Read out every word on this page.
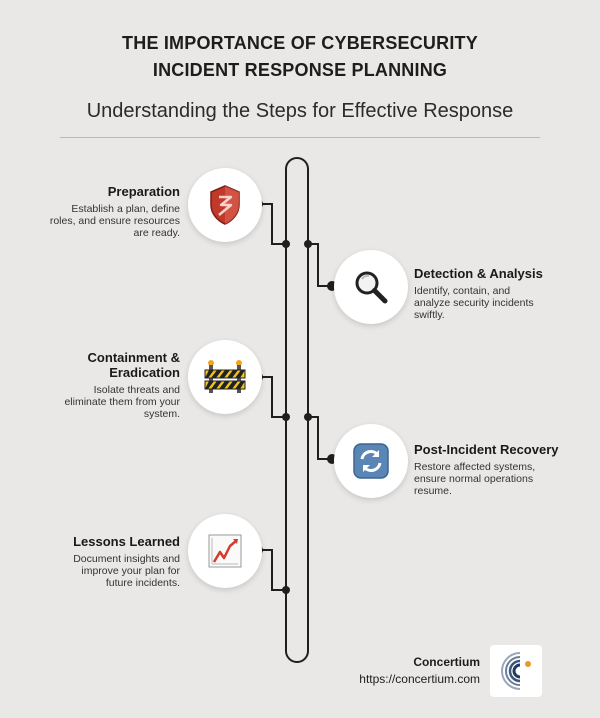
THE IMPORTANCE OF CYBERSECURITY
INCIDENT RESPONSE PLANNING
Understanding the Steps for Effective Response
Preparation
Establish a plan, define
roles, and ensure resources
are ready.
Detection & Analysis
Identify, contain, and
analyze security incidents
swiftly.
Containment &
Eradication
Isolate threats and
eliminate them from your
system.
Post-Incident Recovery
Restore affected systems,
ensure normal operations
resume.
Lessons Learned
Document insights and
improve your plan for
future incidents.
Concertium
https://concertium.com
